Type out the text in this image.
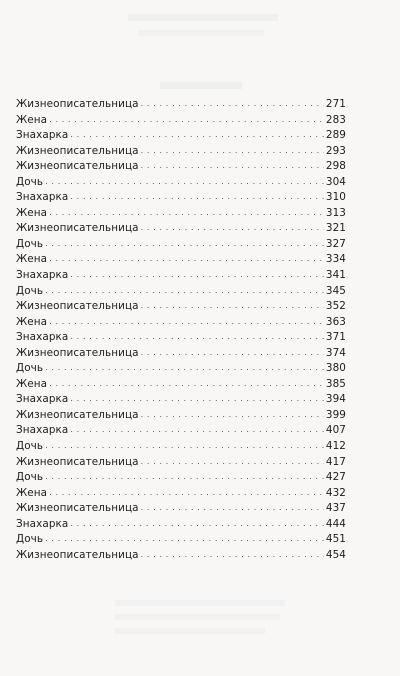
Жизнеописательница . . .	271
Жена . . .	283
Знахарка . . .	289
Жизнеописательница . . .	293
Жизнеописательница . . .	298
Дочь . . .	304
Знахарка . . .	310
Жена . . .	313
Жизнеописательница . . .	321
Дочь . . .	327
Жена . . .	334
Знахарка . . .	341
Дочь . . .	345
Жизнеописательница . . .	352
Жена . . .	363
Знахарка . . .	371
Жизнеописательница . . .	374
Дочь . . .	380
Жена . . .	385
Знахарка . . .	394
Жизнеописательница . . .	399
Знахарка . . .	407
Дочь . . .	412
Жизнеописательница . . .	417
Дочь . . .	427
Жена . . .	432
Жизнеописательница . . .	437
Знахарка . . .	444
Дочь . . .	451
Жизнеописательница . . .	454
